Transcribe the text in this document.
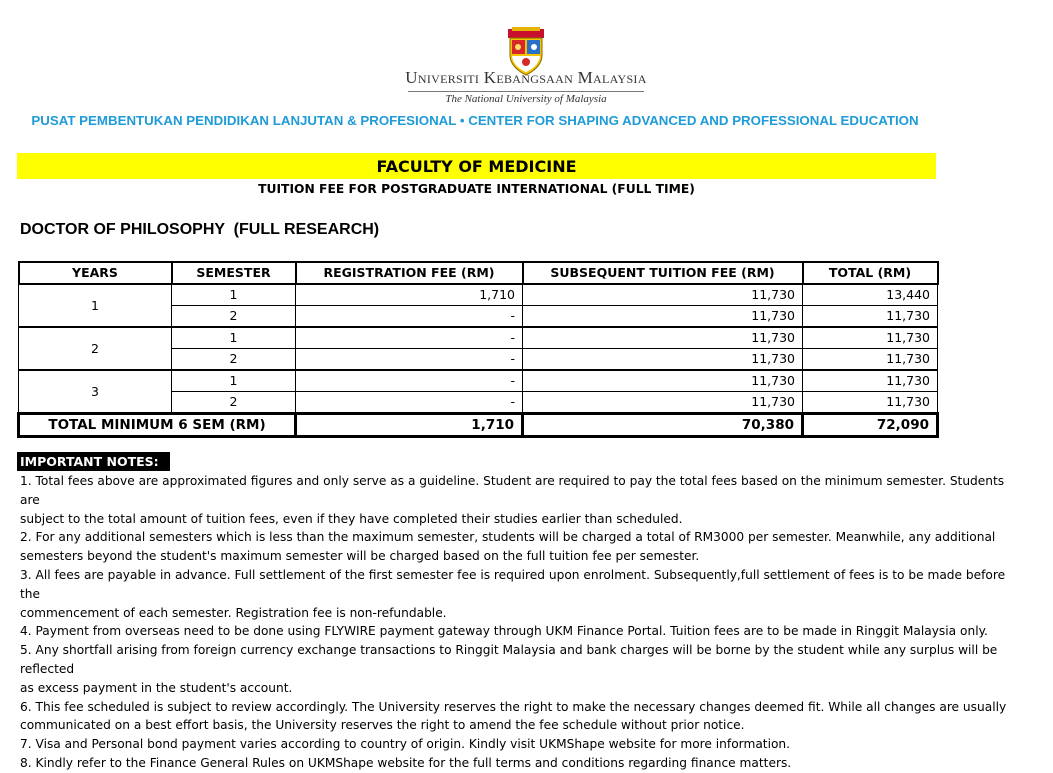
Universiti Kebangsaan Malaysia
The National University of Malaysia
PUSAT PEMBENTUKAN PENDIDIKAN LANJUTAN & PROFESIONAL • CENTER FOR SHAPING ADVANCED AND PROFESSIONAL EDUCATION
FACULTY OF MEDICINE
TUITION FEE FOR POSTGRADUATE INTERNATIONAL (FULL TIME)
DOCTOR OF PHILOSOPHY  (FULL RESEARCH)
YEARS	SEMESTER	REGISTRATION FEE (RM)	SUBSEQUENT TUITION FEE (RM)	TOTAL (RM)
1	1	1,710	11,730	13,440
	2	-	11,730	11,730
2	1	-	11,730	11,730
	2	-	11,730	11,730
3	1	-	11,730	11,730
	2	-	11,730	11,730
TOTAL MINIMUM 6 SEM (RM)		1,710	70,380	72,090
IMPORTANT NOTES:
1. Total fees above are approximated figures and only serve as a guideline. Student are required to pay the total fees based on the minimum semester. Students are
subject to the total amount of tuition fees, even if they have completed their studies earlier than scheduled.
2. For any additional semesters which is less than the maximum semester, students will be charged a total of RM3000 per semester. Meanwhile, any additional
semesters beyond the student's maximum semester will be charged based on the full tuition fee per semester.
3. All fees are payable in advance. Full settlement of the first semester fee is required upon enrolment. Subsequently,full settlement of fees is to be made before the
commencement of each semester. Registration fee is non-refundable.
4. Payment from overseas need to be done using FLYWIRE payment gateway through UKM Finance Portal. Tuition fees are to be made in Ringgit Malaysia only.
5. Any shortfall arising from foreign currency exchange transactions to Ringgit Malaysia and bank charges will be borne by the student while any surplus will be reflected
as excess payment in the student's account.
6. This fee scheduled is subject to review accordingly. The University reserves the right to make the necessary changes deemed fit. While all changes are usually
communicated on a best effort basis, the University reserves the right to amend the fee schedule without prior notice.
7. Visa and Personal bond payment varies according to country of origin. Kindly visit UKMShape website for more information.
8. Kindly refer to the Finance General Rules on UKMShape website for the full terms and conditions regarding finance matters.
